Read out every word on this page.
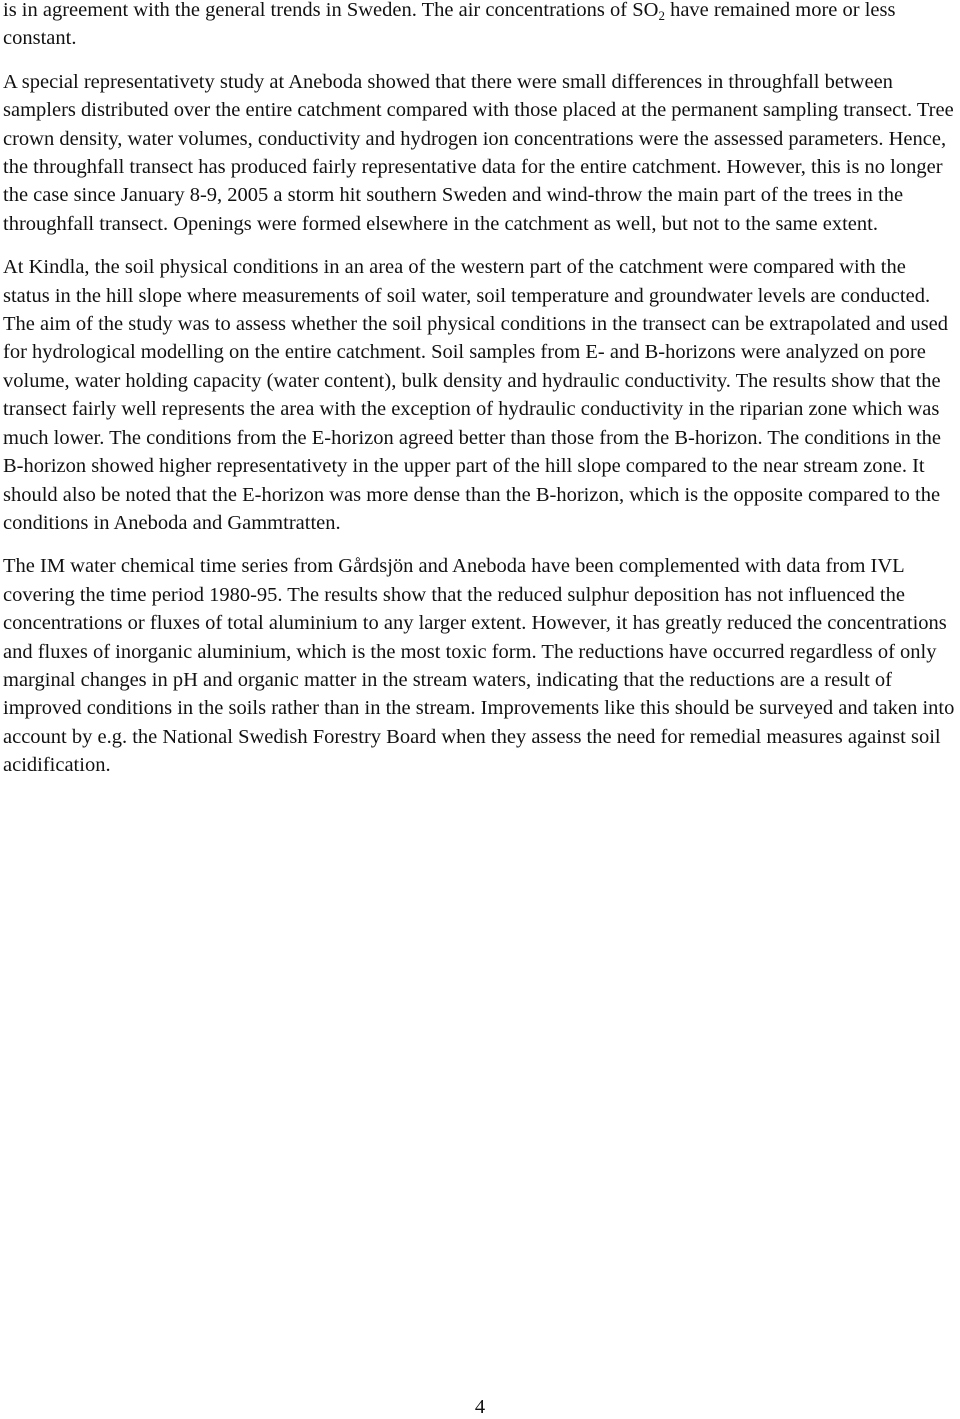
is in agreement with the general trends in Sweden. The air concentrations of $SO_2$ have remained more or less constant.

A special representativety study at Aneboda showed that there were small differences in throughfall between samplers distributed over the entire catchment compared with those placed at the permanent sampling transect. Tree crown density, water volumes, conductivity and hydrogen ion concentrations were the assessed parameters. Hence, the throughfall transect has produced fairly representative data for the entire catchment. However, this is no longer the case since January 8-9, 2005 a storm hit southern Sweden and wind-throw the main part of the trees in the throughfall transect. Openings were formed elsewhere in the catchment as well, but not to the same extent.

At Kindla, the soil physical conditions in an area of the western part of the catchment were compared with the status in the hill slope where measurements of soil water, soil temperature and groundwater levels are conducted. The aim of the study was to assess whether the soil physical conditions in the transect can be extrapolated and used for hydrological modelling on the entire catchment. Soil samples from E- and B-horizons were analyzed on pore volume, water holding capacity (water content), bulk density and hydraulic conductivity. The results show that the transect fairly well represents the area with the exception of hydraulic conductivity in the riparian zone which was much lower. The conditions from the E-horizon agreed better than those from the B-horizon. The conditions in the B-horizon showed higher representativety in the upper part of the hill slope compared to the near stream zone. It should also be noted that the E-horizon was more dense than the B-horizon, which is the opposite compared to the conditions in Aneboda and Gammtratten.

The IM water chemical time series from Gårdsjön and Aneboda have been complemented with data from IVL covering the time period 1980-95. The results show that the reduced sulphur deposition has not influenced the concentrations or fluxes of total aluminium to any larger extent. However, it has greatly reduced the concentrations and fluxes of inorganic aluminium, which is the most toxic form. The reductions have occurred regardless of only marginal changes in pH and organic matter in the stream waters, indicating that the reductions are a result of improved conditions in the soils rather than in the stream. Improvements like this should be surveyed and taken into account by e.g. the National Swedish Forestry Board when they assess the need for remedial measures against soil acidification.

4
